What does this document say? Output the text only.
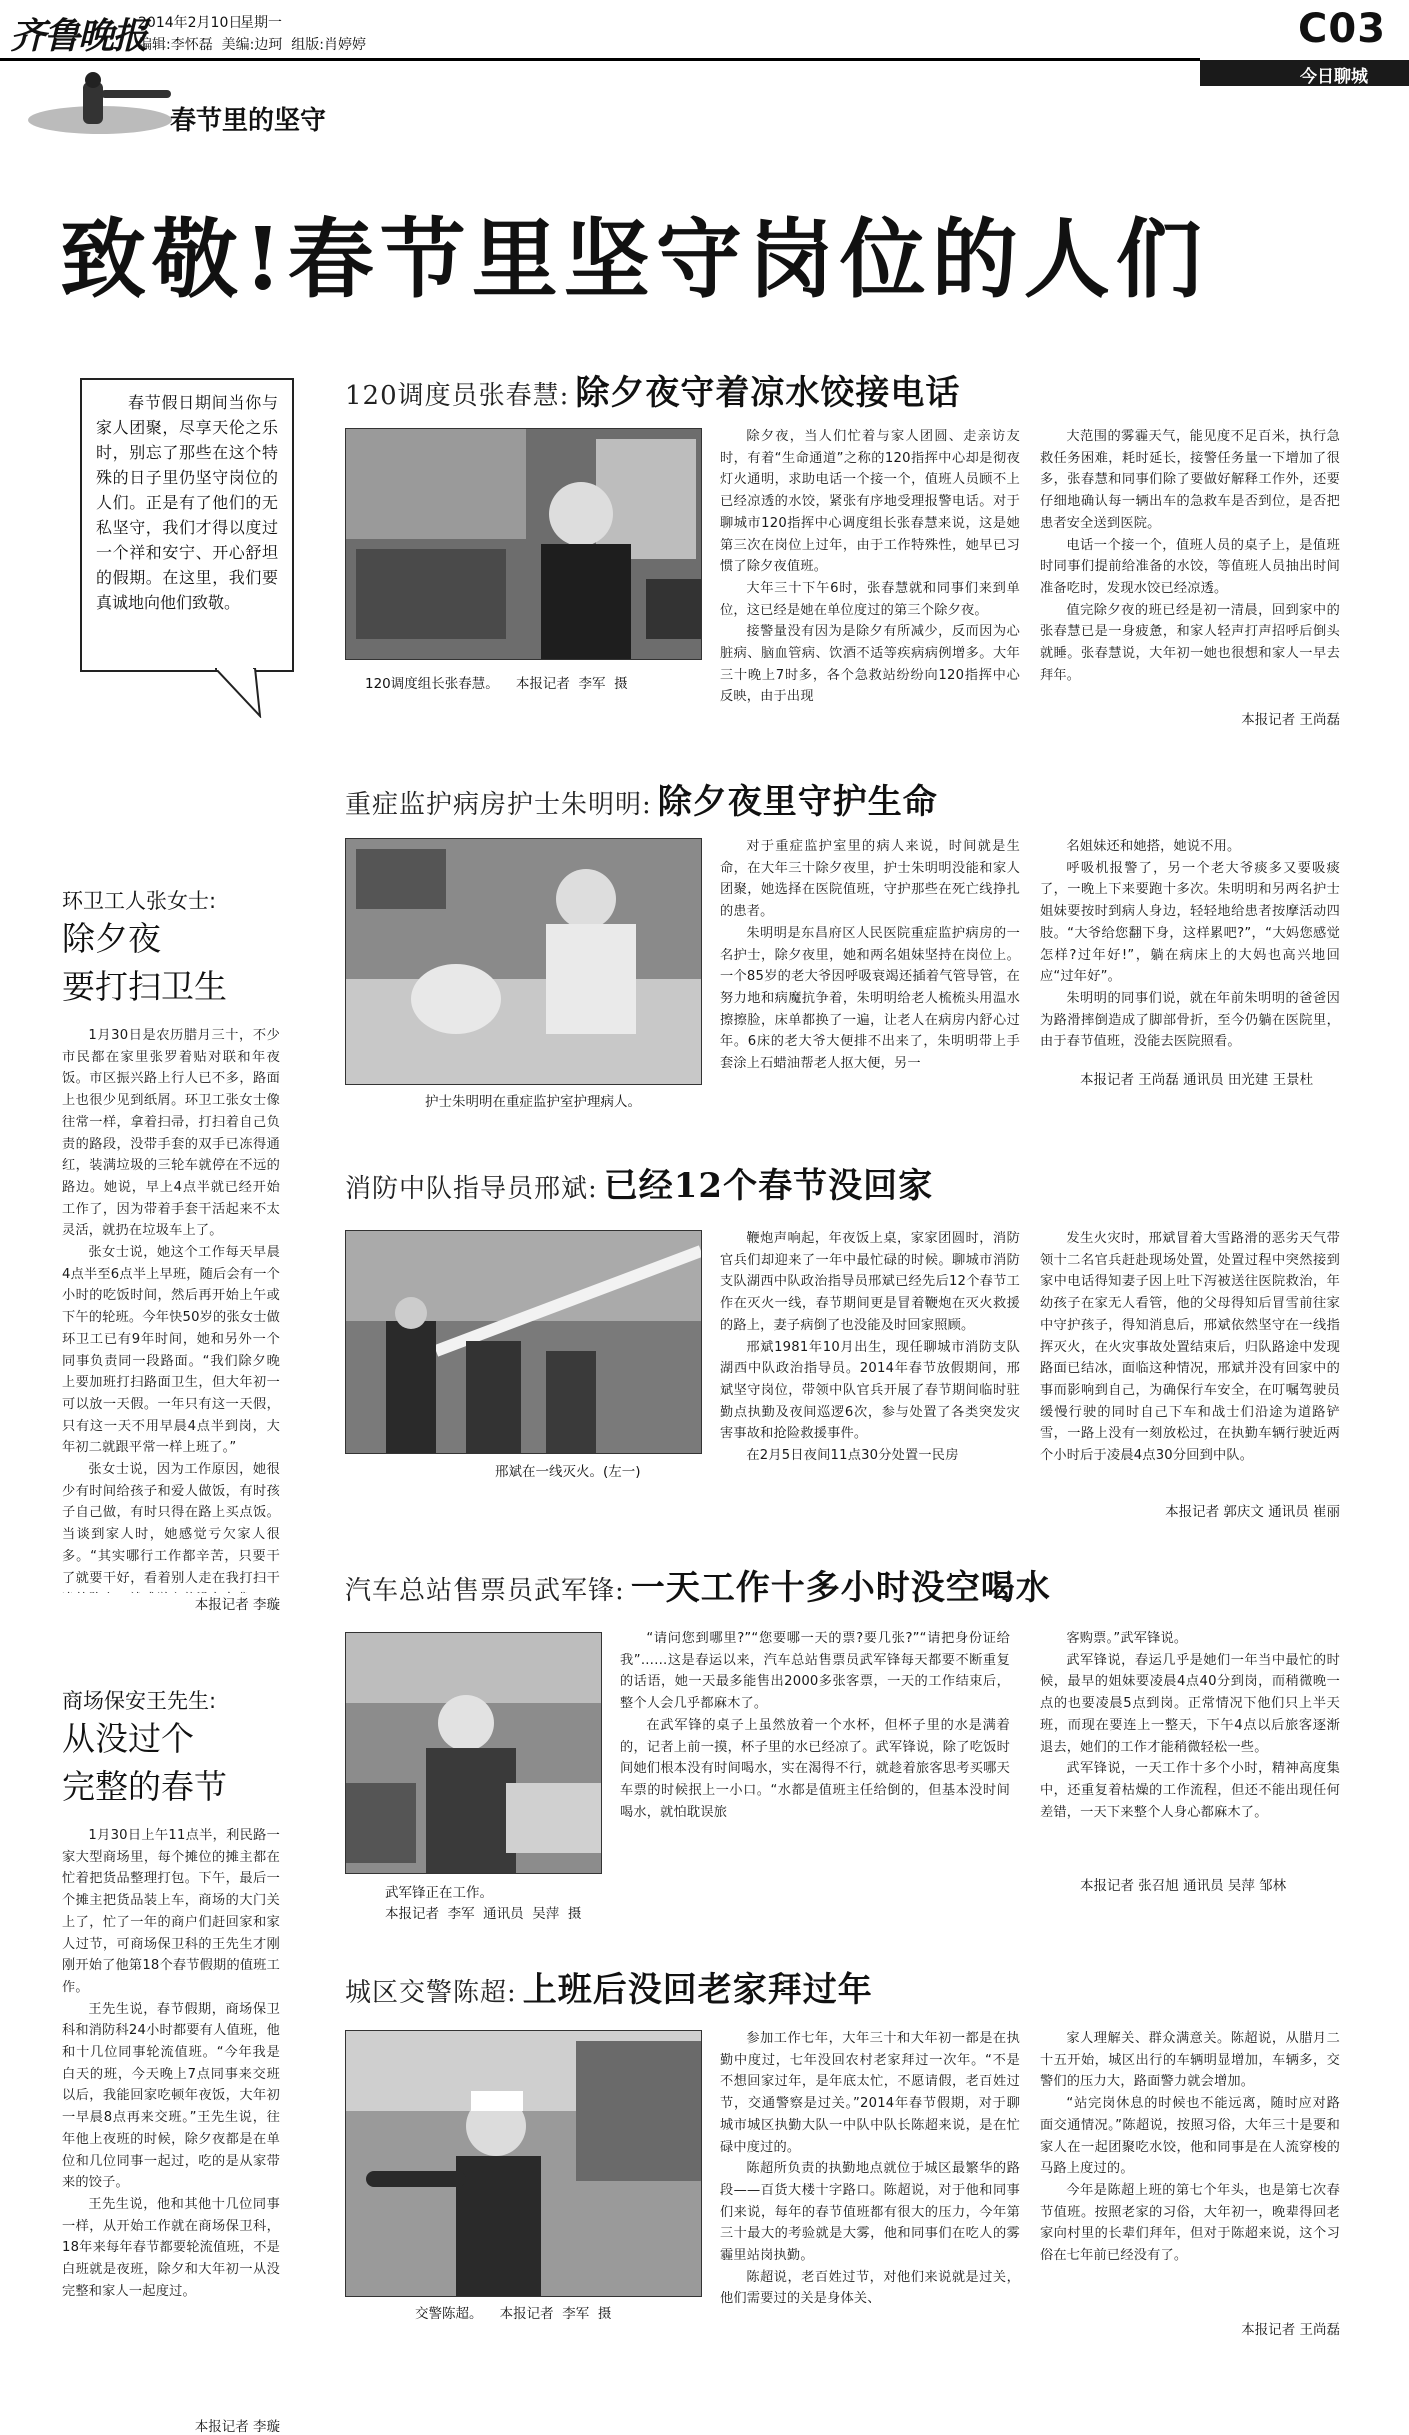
齐鲁晚报
2014年2月10日
星期一
编辑:李怀磊  美编:边珂  组版:肖婷婷	C03
今日聊城
春节里的坚守
致敬!春节里坚守岗位的人们
春节假日期间当你与家人团聚，尽享天伦之乐时，别忘了那些在这个特殊的日子里仍坚守岗位的人们。正是有了他们的无私坚守，我们才得以度过一个祥和安宁、开心舒坦的假期。在这里，我们要真诚地向他们致敬。
环卫工人张女士:
除夕夜
要打扫卫生

1月30日是农历腊月三十，不少市民都在家里张罗着贴对联和年夜饭。市区振兴路上行人已不多，路面上也很少见到纸屑。环卫工张女士像往常一样，拿着扫帚，打扫着自己负责的路段，没带手套的双手已冻得通红，装满垃圾的三轮车就停在不远的路边。她说，早上4点半就已经开始工作了，因为带着手套干活起来不太灵活，就扔在垃圾车上了。

张女士说，她这个工作每天早晨4点半至6点半上早班，随后会有一个小时的吃饭时间，然后再开始上午或下午的轮班。今年快50岁的张女士做环卫工已有9年时间，她和另外一个同事负责同一段路面。“我们除夕晚上要加班打扫路面卫生，但大年初一可以放一天假。一年只有这一天假，只有这一天不用早晨4点半到岗，大年初二就跟平常一样上班了。”

张女士说，因为工作原因，她很少有时间给孩子和爱人做饭，有时孩子自己做，有时只得在路上买点饭。当谈到家人时，她感觉亏欠家人很多。“其实哪行工作都辛苦，只要干了就要干好，看着别人走在我打扫干

本报记者 李璇
商场保安王先生:
从没过个
完整的春节

1月30日上午11点半，利民路一家大型商场里，每个摊位的摊主都在忙着把货品整理打包。下午，最后一个摊主把货品装上车，商场的大门关上了，忙了一年的商户们赶回家和家人过节，可商场保卫科的王先生才刚刚开始了他第18个春节假期的值班工作。

王先生说，春节假期，商场保卫科和消防科24小时都要有人值班，他和十几位同事轮流值班。“今年我是白天的班，今天晚上7点同事来交班以后，我能回家吃顿年夜饭，大年初一早晨8点再来交班。”王先生说，往年他上夜班的时候，除夕夜都是在单位和几位同事一起过，吃的是从家带来的饺子。

王先生说，他和其他十几位同事一样，从开始工作就在商场保卫科，18年来每年春节都要轮流值班，不是白班就是夜班，除夕和大年初一从没完整和家人一起度过。

本报记者 李璇
120调度员张春慧: 除夕夜守着凉水饺接电话
120调度组长张春慧。    本报记者  李军  摄

除夕夜，当人们忙着与家人团圆、走亲访友时，有着“生命通道”之称的120指挥中心却是彻夜灯火通明，求助电话一个接一个，值班人员顾不上已经凉透的水饺，紧张有序地受理报警电话。对于聊城市120指挥中心调度组长张春慧来说，这是她第三次在岗位上过年，由于工作特殊性，她早已习惯了除夕夜值班。

大年三十下午6时，张春慧就和同事们来到单位，这已经是她在单位度过的第三个除夕夜。

接警量没有因为是除夕有所减少，反而因为心脏病、脑血管病、饮酒不适等疾病病例增多。大年三十晚上7时多，各个急救站纷纷向120指挥中心反映，由于出现

大范围的雾霾天气，能见度不足百米，执行急救任务困难，耗时延长，接警任务量一下增加了很多，张春慧和同事们除了要做好解释工作外，还要仔细地确认每一辆出车的急救车是否到位，是否把患者安全送到医院。

电话一个接一个，值班人员的桌子上，是值班时同事们提前给准备的水饺，等值班人员抽出时间准备吃时，发现水饺已经凉透。

值完除夕夜的班已经是初一清晨，回到家中的张春慧已是一身疲惫，和家人轻声打声招呼后倒头就睡。张春慧说，大年初一她也很想和家人一早去拜年。

本报记者 王尚磊
重症监护病房护士朱明明: 除夕夜里守护生命
护士朱明明在重症监护室护理病人。

对于重症监护室里的病人来说，时间就是生命，在大年三十除夕夜里，护士朱明明没能和家人团聚，她选择在医院值班，守护那些在死亡线挣扎的患者。

朱明明是东昌府区人民医院重症监护病房的一名护士，除夕夜里，她和两名姐妹坚持在岗位上。一个85岁的老大爷因呼吸衰竭还插着气管导管，在努力地和病魔抗争着，朱明明给老人梳梳头用温水擦擦脸，床单都换了一遍，让老人在病房内舒心过年。6床的老大爷大便排不出来了，朱明明带上手套涂上石蜡油帮老人抠大便，另一

名姐妹还和她搭，她说不用。

呼吸机报警了，另一个老大爷痰多又要吸痰了，一晚上下来要跑十多次。朱明明和另两名护士姐妹要按时到病人身边，轻轻地给患者按摩活动四肢。“大爷给您翻下身，这样累吧?”，“大妈您感觉怎样?过年好!”，躺在病床上的大妈也高兴地回应“过年好”。

朱明明的同事们说，就在年前朱明明的爸爸因为路滑摔倒造成了脚部骨折，至今仍躺在医院里，由于春节值班，没能去医院照看。

本报记者 王尚磊 通讯员 田光建 王景杜
消防中队指导员邢斌: 已经12个春节没回家
邢斌在一线灭火。(左一)

鞭炮声响起，年夜饭上桌，家家团圆时，消防官兵们却迎来了一年中最忙碌的时候。聊城市消防支队湖西中队政治指导员邢斌已经先后12个春节工作在灭火一线，春节期间更是冒着鞭炮在灭火救援的路上，妻子病倒了也没能及时回家照顾。

邢斌1981年10月出生，现任聊城市消防支队湖西中队政治指导员。2014年春节放假期间，邢斌坚守岗位，带领中队官兵开展了春节期间临时驻勤点执勤及夜间巡逻6次，参与处置了各类突发灾害事故和抢险救援事件。

在2月5日夜间11点30分处置一民房

发生火灾时，邢斌冒着大雪路滑的恶劣天气带领十二名官兵赶赴现场处置，处置过程中突然接到家中电话得知妻子因上吐下泻被送往医院救治，年幼孩子在家无人看管，他的父母得知后冒雪前往家中守护孩子，得知消息后，邢斌依然坚守在一线指挥灭火，在火灾事故处置结束后，归队路途中发现路面已结冰，面临这种情况，邢斌并没有回家中的事而影响到自己，为确保行车安全，在叮嘱驾驶员缓慢行驶的同时自己下车和战士们沿途为道路铲雪，一路上没有一刻放松过，在执勤车辆行驶近两个小时后于凌晨4点30分回到中队。

本报记者 郭庆文 通讯员 崔丽
汽车总站售票员武军锋: 一天工作十多小时没空喝水
武军锋正在工作。
本报记者  李军  通讯员  吴萍  摄

“请问您到哪里?”“您要哪一天的票?要几张?”“请把身份证给我”……这是春运以来，汽车总站售票员武军锋每天都要不断重复的话语，她一天最多能售出2000多张客票，一天的工作结束后，整个人会几乎都麻木了。

在武军锋的桌子上虽然放着一个水杯，但杯子里的水是满着的，记者上前一摸，杯子里的水已经凉了。武军锋说，除了吃饭时间她们根本没有时间喝水，实在渴得不行，就趁着旅客思考买哪天车票的时候抿上一小口。“水都是值班主任给倒的，但基本没时间喝水，就怕耽误旅

客购票。”武军锋说。

武军锋说，春运几乎是她们一年当中最忙的时候，最早的姐妹要凌晨4点40分到岗，而稍微晚一点的也要凌晨5点到岗。正常情况下他们只上半天班，而现在要连上一整天，下午4点以后旅客逐渐退去，她们的工作才能稍微轻松一些。

武军锋说，一天工作十多个小时，精神高度集中，还重复着枯燥的工作流程，但还不能出现任何差错，一天下来整个人身心都麻木了。

本报记者 张召旭 通讯员 吴萍 邹林
城区交警陈超: 上班后没回老家拜过年
交警陈超。    本报记者  李军  摄

参加工作七年，大年三十和大年初一都是在执勤中度过，七年没回农村老家拜过一次年。“不是不想回家过年，是年底太忙，不愿请假，老百姓过节，交通警察是过关。”2014年春节假期，对于聊城市城区执勤大队一中队中队长陈超来说，是在忙碌中度过的。

陈超所负责的执勤地点就位于城区最繁华的路段——百货大楼十字路口。陈超说，对于他和同事们来说，每年的春节值班都有很大的压力，今年第三十最大的考验就是大雾，他和同事们在吃人的雾霾里站岗执勤。

陈超说，老百姓过节，对他们来说就是过关，他们需要过的关是身体关、

家人理解关、群众满意关。陈超说，从腊月二十五开始，城区出行的车辆明显增加，车辆多，交警们的压力大，路面警力就会增加。

“站完岗休息的时候也不能远离，随时应对路面交通情况。”陈超说，按照习俗，大年三十是要和家人在一起团聚吃水饺，他和同事是在人流穿梭的马路上度过的。

今年是陈超上班的第七个年头，也是第七次春节值班。按照老家的习俗，大年初一，晚辈得回老家向村里的长辈们拜年，但对于陈超来说，这个习俗在七年前已经没有了。

本报记者 王尚磊
